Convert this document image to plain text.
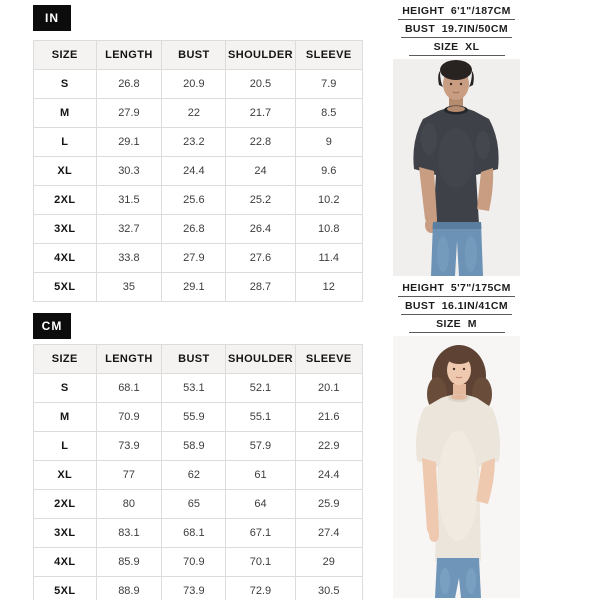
IN
SIZE	LENGTH	BUST	SHOULDER	SLEEVE
S	26.8	20.9	20.5	7.9
M	27.9	22	21.7	8.5
L	29.1	23.2	22.8	9
XL	30.3	24.4	24	9.6
2XL	31.5	25.6	25.2	10.2
3XL	32.7	26.8	26.4	10.8
4XL	33.8	27.9	27.6	11.4
5XL	35	29.1	28.7	12
CM
SIZE	LENGTH	BUST	SHOULDER	SLEEVE
S	68.1	53.1	52.1	20.1
M	70.9	55.9	55.1	21.6
L	73.9	58.9	57.9	22.9
XL	77	62	61	24.4
2XL	80	65	64	25.9
3XL	83.1	68.1	67.1	27.4
4XL	85.9	70.9	70.1	29
5XL	88.9	73.9	72.9	30.5
HEIGHT  6'1"/187CM
BUST  19.7IN/50CM
SIZE  XL
HEIGHT  5'7"/175CM
BUST  16.1IN/41CM
SIZE  M
